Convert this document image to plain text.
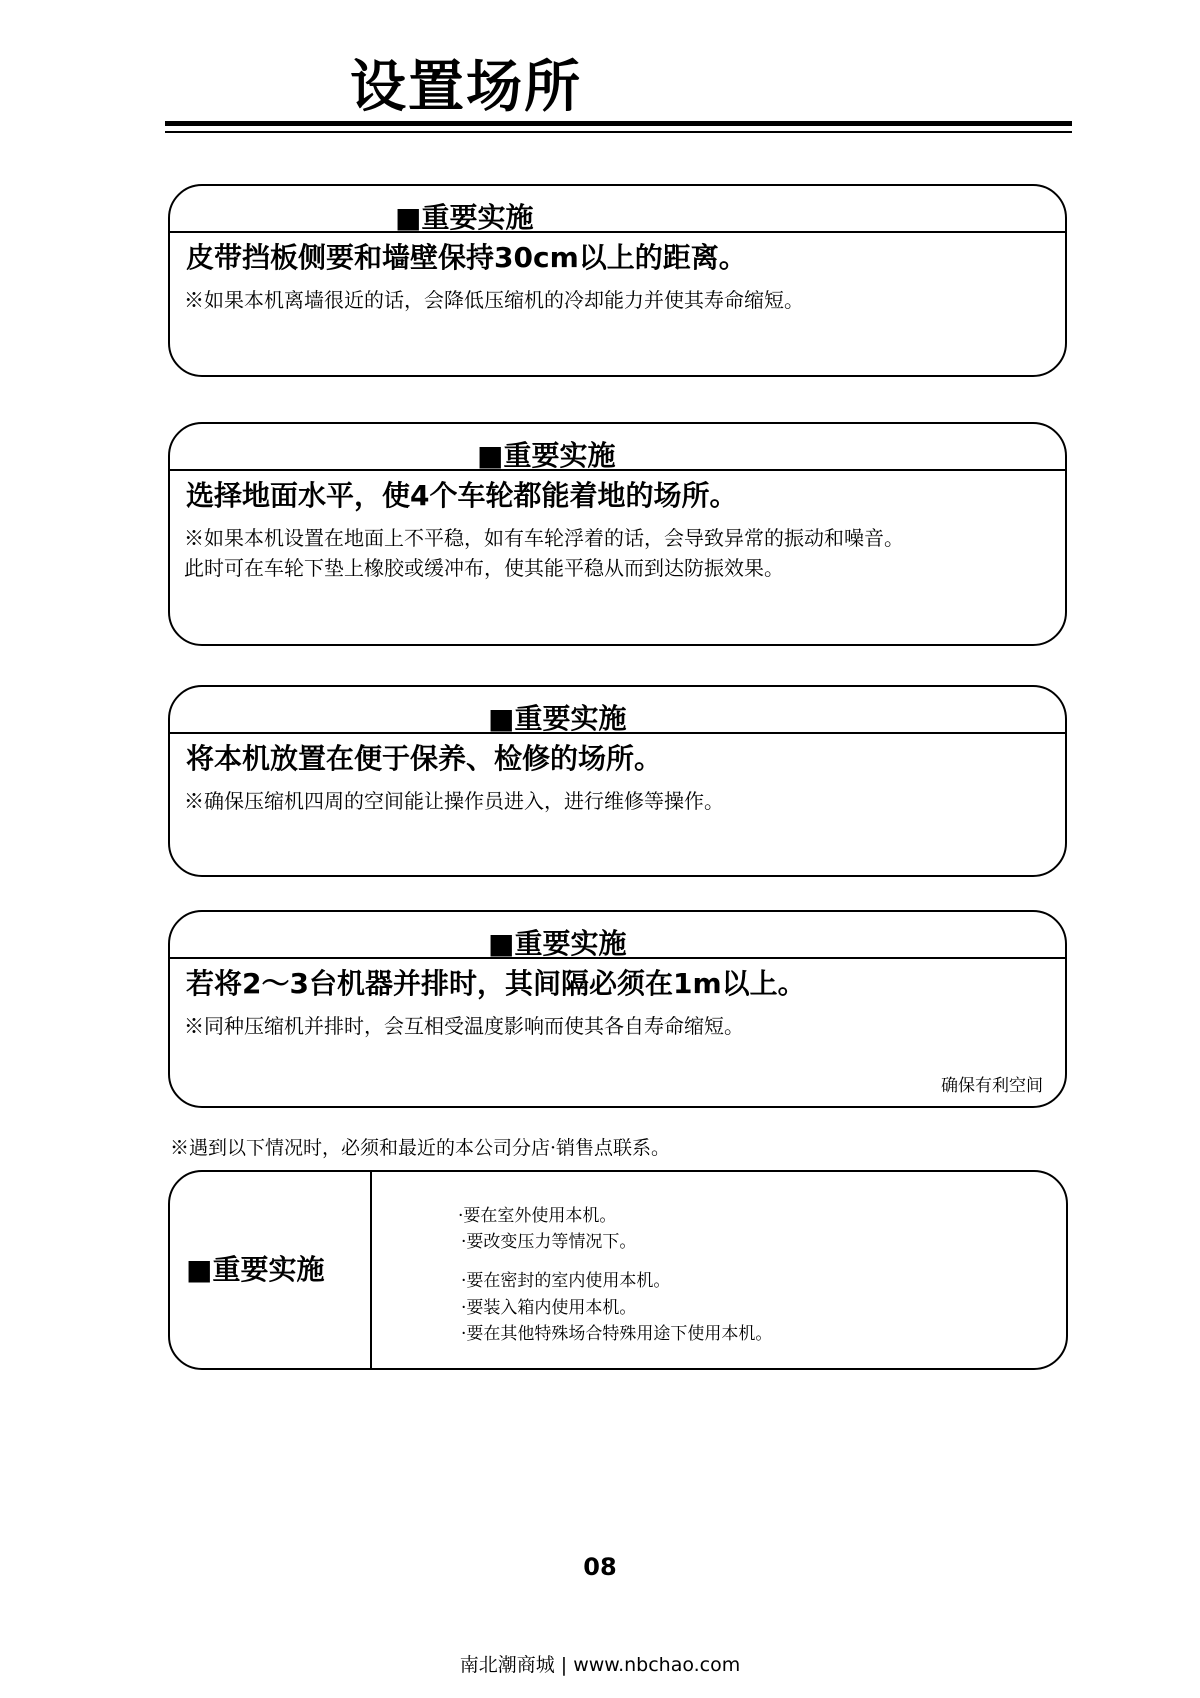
设置场所
■重要实施
皮带挡板侧要和墙壁保持30cm以上的距离。
※如果本机离墙很近的话，会降低压缩机的冷却能力并使其寿命缩短。
■重要实施
选择地面水平，使4个车轮都能着地的场所。
※如果本机设置在地面上不平稳，如有车轮浮着的话，会导致异常的振动和噪音。
此时可在车轮下垫上橡胶或缓冲布，使其能平稳从而到达防振效果。
■重要实施
将本机放置在便于保养、检修的场所。
※确保压缩机四周的空间能让操作员进入，进行维修等操作。
■重要实施
若将2～3台机器并排时，其间隔必须在1m以上。
※同种压缩机并排时，会互相受温度影响而使其各自寿命缩短。
确保有利空间
※遇到以下情况时，必须和最近的本公司分店·销售点联系。
■重要实施
·要在室外使用本机。
·要改变压力等情况下。
·要在密封的室内使用本机。
·要装入箱内使用本机。
·要在其他特殊场合特殊用途下使用本机。
08
南北潮商城 | www.nbchao.com
